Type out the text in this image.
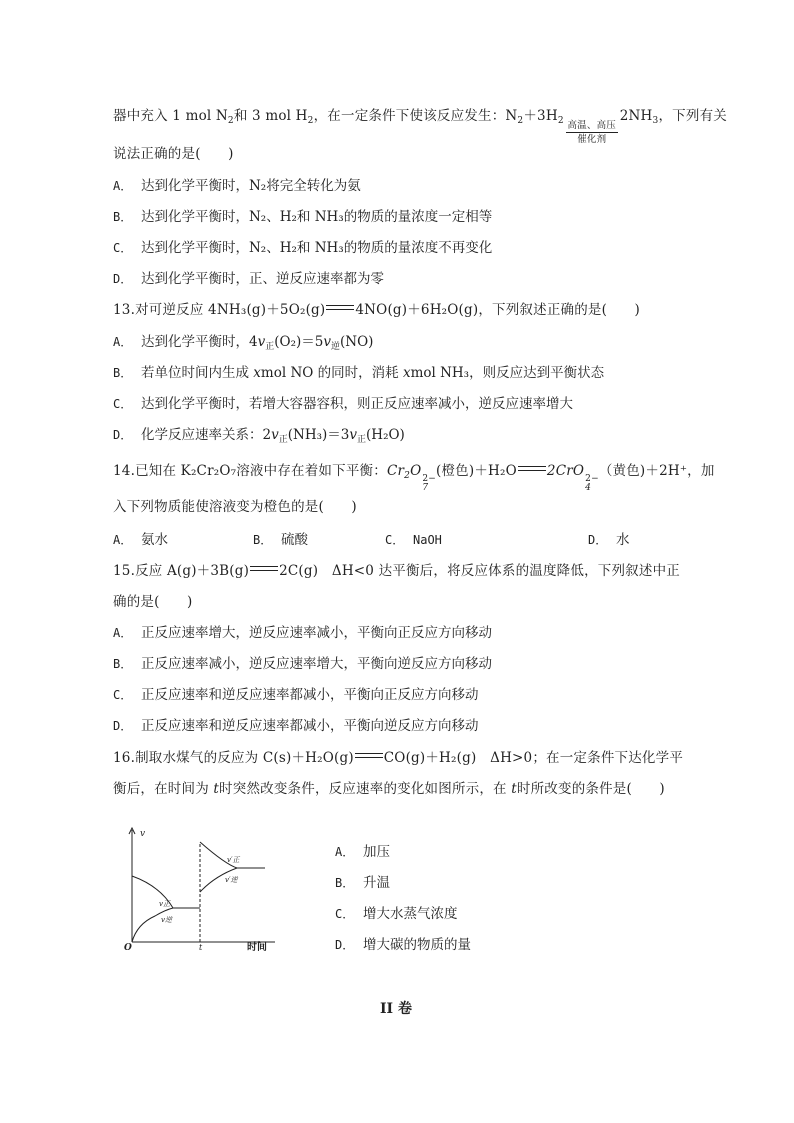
器中充入 1 mol $N_2$和 3 mol $H_2$，在一定条件下使该反应发生：$N_2+3H_2$ 高温、高压
催化剂
$2NH_3$，下列有关
说法正确的是(　　)
A． 达到化学平衡时，N₂将完全转化为氨
B． 达到化学平衡时，N₂、H₂和 NH₃的物质的量浓度一定相等
C． 达到化学平衡时，N₂、H₂和 NH₃的物质的量浓度不再变化
D． 达到化学平衡时，正、逆反应速率都为零
13.对可逆反应 4NH₃(g)＋5O₂(g) 4NO(g)＋6H₂O(g)，下列叙述正确的是(　　)
A． 达到化学平衡时，$4v_正(O_2)=5v_逆(NO)$
B． 若单位时间内生成 xmol NO 的同时，消耗 xmol NH₃，则反应达到平衡状态
C． 达到化学平衡时，若增大容器容积，则正反应速率减小，逆反应速率增大
D． 化学反应速率关系：$2v_正(NH_3)=3v_正(H_2O)$
14.已知在 K₂Cr₂O₇溶液中存在着如下平衡：$Cr_2O$ 2−
7
(橙色)＋H₂O 2CrO 2−
4
（黄色)＋2H⁺，加
入下列物质能使溶液变为橙色的是(　　)
A． 氨水	B． 硫酸	C． NaOH	D． 水
15.反应 A(g)＋3B(g) 2C(g)　ΔH<0 达平衡后，将反应体系的温度降低，下列叙述中正
确的是(　　)
A． 正反应速率增大，逆反应速率减小，平衡向正反应方向移动
B． 正反应速率减小，逆反应速率增大，平衡向逆反应方向移动
C． 正反应速率和逆反应速率都减小，平衡向正反应方向移动
D． 正反应速率和逆反应速率都减小，平衡向逆反应方向移动
16.制取水煤气的反应为 C(s)＋H₂O(g) CO(g)＋H₂(g)　ΔH>0；在一定条件下达化学平
衡后，在时间为 t时突然改变条件，反应速率的变化如图所示，在 t时所改变的条件是(　　)
v
O	t	时间
v正
v逆
v′正
v′逆
A． 加压
B． 升温
C． 增大水蒸气浓度
D． 增大碳的物质的量
II 卷
